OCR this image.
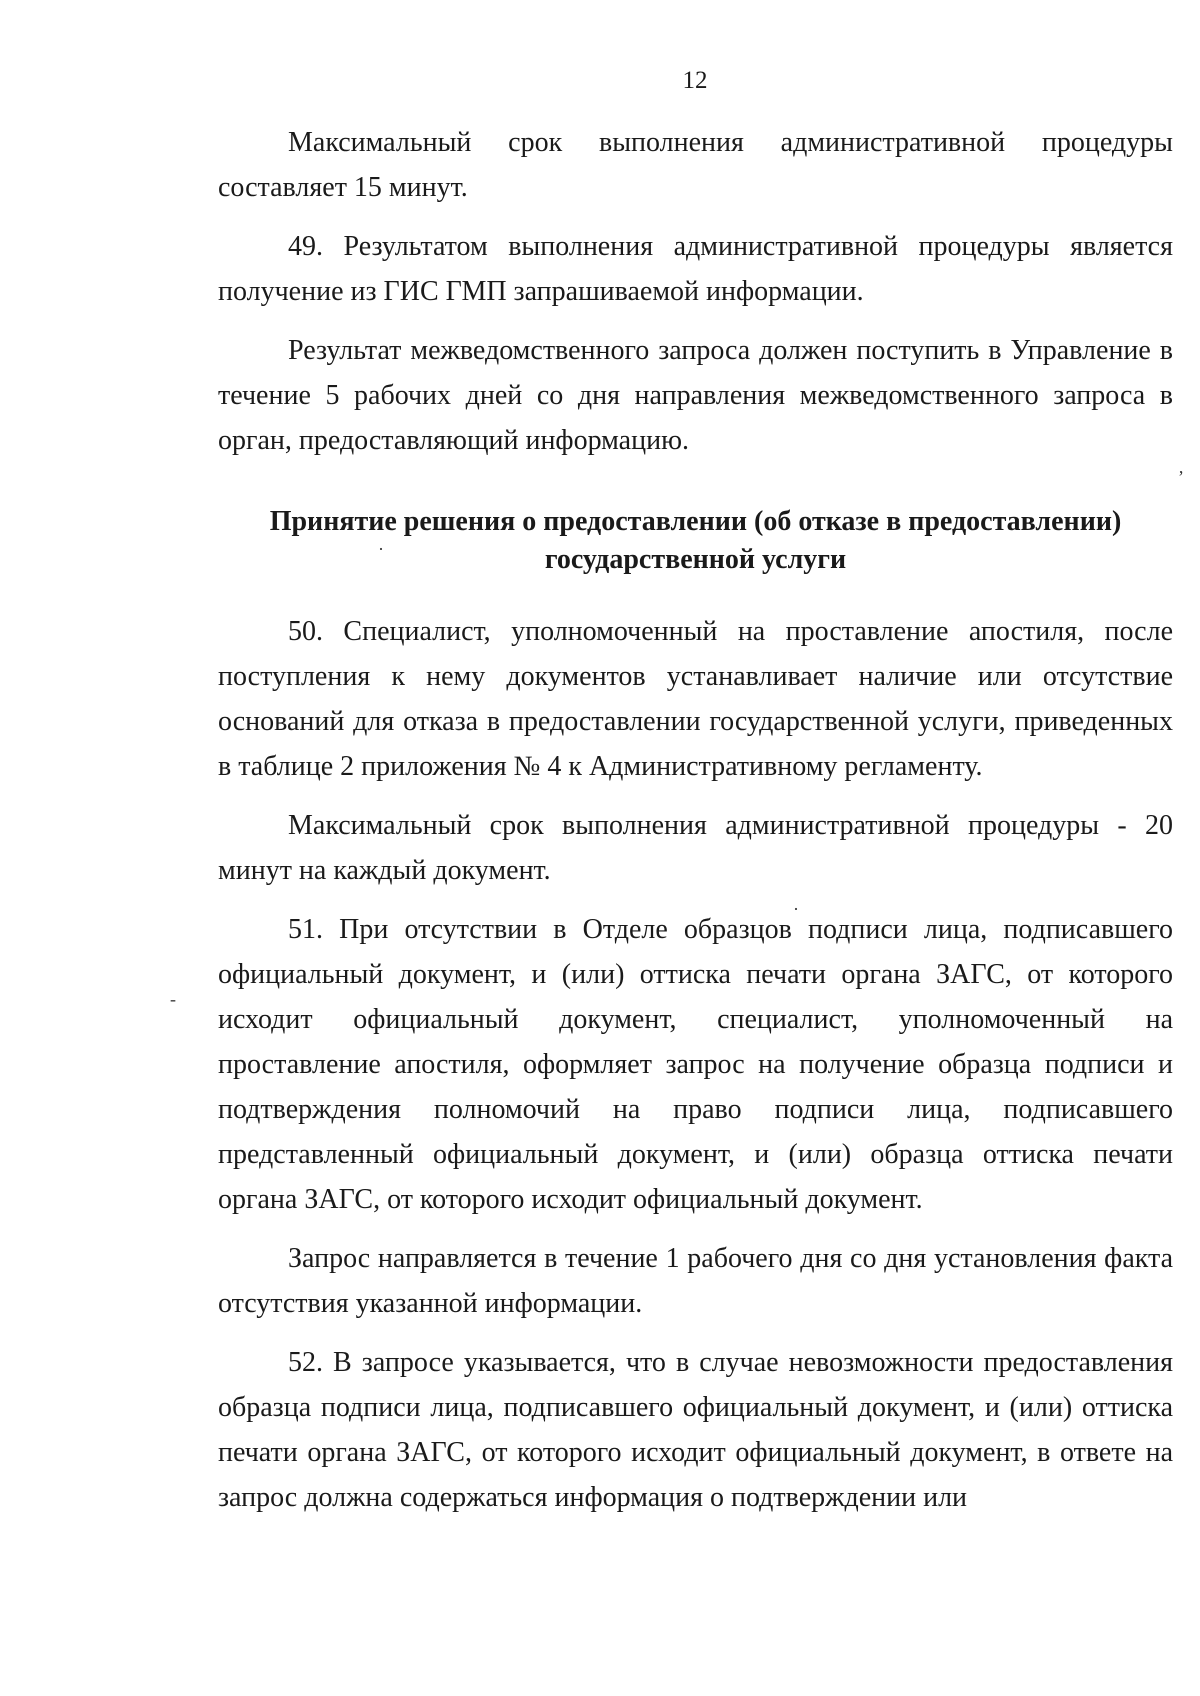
12

Максимальный срок выполнения административной процедуры составляет 15 минут.

49. Результатом выполнения административной процедуры является получение из ГИС ГМП запрашиваемой информации.

Результат межведомственного запроса должен поступить в Управление в течение 5 рабочих дней со дня направления межведомственного запроса в орган, предоставляющий информацию.

Принятие решения о предоставлении (об отказе в предоставлении)
государственной услуги

50. Специалист, уполномоченный на проставление апостиля, после поступления к нему документов устанавливает наличие или отсутствие оснований для отказа в предоставлении государственной услуги, приведенных в таблице 2 приложения № 4 к Административному регламенту.

Максимальный срок выполнения административной процедуры - 20 минут на каждый документ.

51. При отсутствии в Отделе образцов подписи лица, подписавшего официальный документ, и (или) оттиска печати органа ЗАГС, от которого исходит официальный документ, специалист, уполномоченный на проставление апостиля, оформляет запрос на получение образца подписи и подтверждения полномочий на право подписи лица, подписавшего представленный официальный документ, и (или) образца оттиска печати органа ЗАГС, от которого исходит официальный документ.

Запрос направляется в течение 1 рабочего дня со дня установления факта отсутствия указанной информации.

52. В запросе указывается, что в случае невозможности предоставления образца подписи лица, подписавшего официальный документ, и (или) оттиска печати органа ЗАГС, от которого исходит официальный документ, в ответе на запрос должна содержаться информация о подтверждении или

‚
·
·
-
